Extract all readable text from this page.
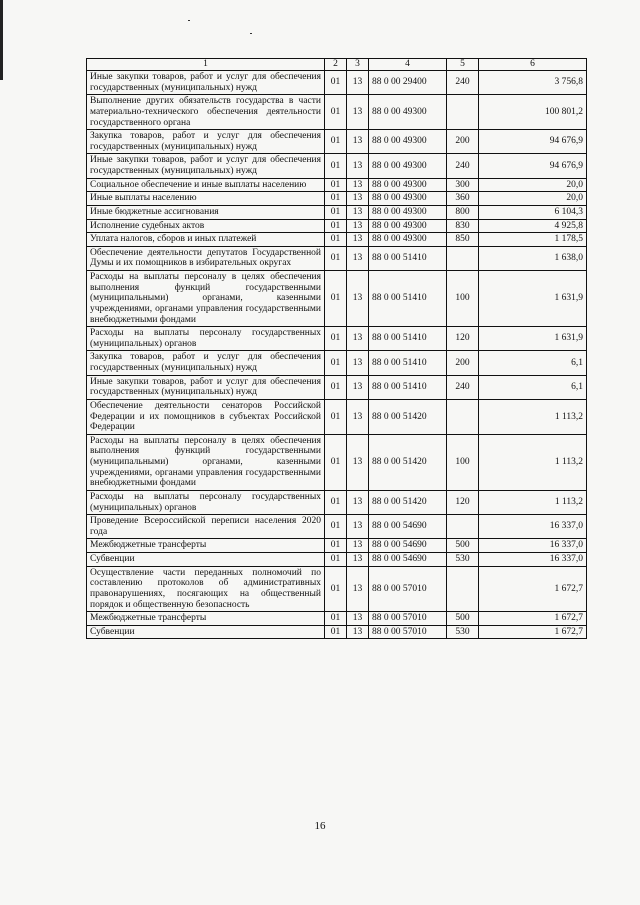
1	2	3	4	5	6
Иные закупки товаров, работ и услуг для обеспечения государственных (муниципальных) нужд	01	13	88 0 00 29400	240	3 756,8
Выполнение других обязательств государства в части материально-технического обеспечения деятельности государственного органа	01	13	88 0 00 49300		100 801,2
Закупка товаров, работ и услуг для обеспечения государственных (муниципальных) нужд	01	13	88 0 00 49300	200	94 676,9
Иные закупки товаров, работ и услуг для обеспечения государственных (муниципальных) нужд	01	13	88 0 00 49300	240	94 676,9
Социальное обеспечение и иные выплаты населению	01	13	88 0 00 49300	300	20,0
Иные выплаты населению	01	13	88 0 00 49300	360	20,0
Иные бюджетные ассигнования	01	13	88 0 00 49300	800	6 104,3
Исполнение судебных актов	01	13	88 0 00 49300	830	4 925,8
Уплата налогов, сборов и иных платежей	01	13	88 0 00 49300	850	1 178,5
Обеспечение деятельности депутатов Государственной Думы и их помощников в избирательных округах	01	13	88 0 00 51410		1 638,0
Расходы на выплаты персоналу в целях обеспечения выполнения функций государственными (муниципальными) органами, казенными учреждениями, органами управления государственными внебюджетными фондами	01	13	88 0 00 51410	100	1 631,9
Расходы на выплаты персоналу государственных (муниципальных) органов	01	13	88 0 00 51410	120	1 631,9
Закупка товаров, работ и услуг для обеспечения государственных (муниципальных) нужд	01	13	88 0 00 51410	200	6,1
Иные закупки товаров, работ и услуг для обеспечения государственных (муниципальных) нужд	01	13	88 0 00 51410	240	6,1
Обеспечение деятельности сенаторов Российской Федерации и их помощников в субъектах Российской Федерации	01	13	88 0 00 51420		1 113,2
Расходы на выплаты персоналу в целях обеспечения выполнения функций государственными (муниципальными) органами, казенными учреждениями, органами управления государственными внебюджетными фондами	01	13	88 0 00 51420	100	1 113,2
Расходы на выплаты персоналу государственных (муниципальных) органов	01	13	88 0 00 51420	120	1 113,2
Проведение Всероссийской переписи населения 2020 года	01	13	88 0 00 54690		16 337,0
Межбюджетные трансферты	01	13	88 0 00 54690	500	16 337,0
Субвенции	01	13	88 0 00 54690	530	16 337,0
Осуществление части переданных полномочий по составлению протоколов об административных правонарушениях, посягающих на общественный порядок и общественную безопасность	01	13	88 0 00 57010		1 672,7
Межбюджетные трансферты	01	13	88 0 00 57010	500	1 672,7
Субвенции	01	13	88 0 00 57010	530	1 672,7
16
